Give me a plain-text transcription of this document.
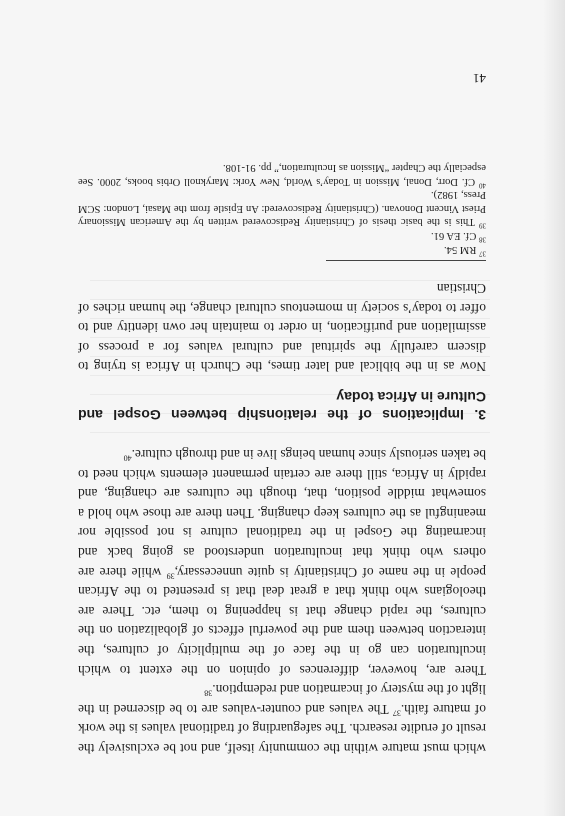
which must mature within the community itself, and not be exclusively the result of erudite research. The safeguarding of traditional values is the work of mature faith.$^{37}$ The values and counter-values are to be discerned in the light of the mystery of incarnation and redemption.$^{38}$

There are, however, differences of opinion on the extent to which inculturation can go in the face of the multiplicity of cultures, the interaction between them and the powerful effects of globalization on the cultures, the rapid change that is happening to them, etc. There are theologians who think that a great deal that is presented to the African people in the name of Christianity is quite unnecessary,$^{39}$ while there are others who think that inculturation understood as going back and incarnating the Gospel in the traditional culture is not possible nor meaningful as the cultures keep changing. Then there are those who hold a somewhat middle position, that, though the cultures are changing, and rapidly in Africa, still there are certain permanent elements which need to be taken seriously since human beings live in and through culture.$^{40}$

3. Implications of the relationship between Gospel and Culture in Africa today

Now as in the biblical and later times, the Church in Africa is trying to discern carefully the spiritual and cultural values for a process of assimilation and purification, in order to maintain her own identity and to offer to today’s society in momentous cultural change, the human riches of Christian

$^{37}$ RM 54.

$^{38}$ Cf. EA 61.

$^{39}$ This is the basic thesis of Christianity Rediscovered written by the American Missionary Priest Vincent Donovan. (Christianity Rediscovered: An Epistle from the Masai, London: SCM Press, 1982).

$^{40}$ Cf. Dorr, Donal, Mission in Today’s World, New York: Maryknoll Orbis books, 2000. See especially the Chapter “Mission as Inculturation,” pp. 91-108.

41
